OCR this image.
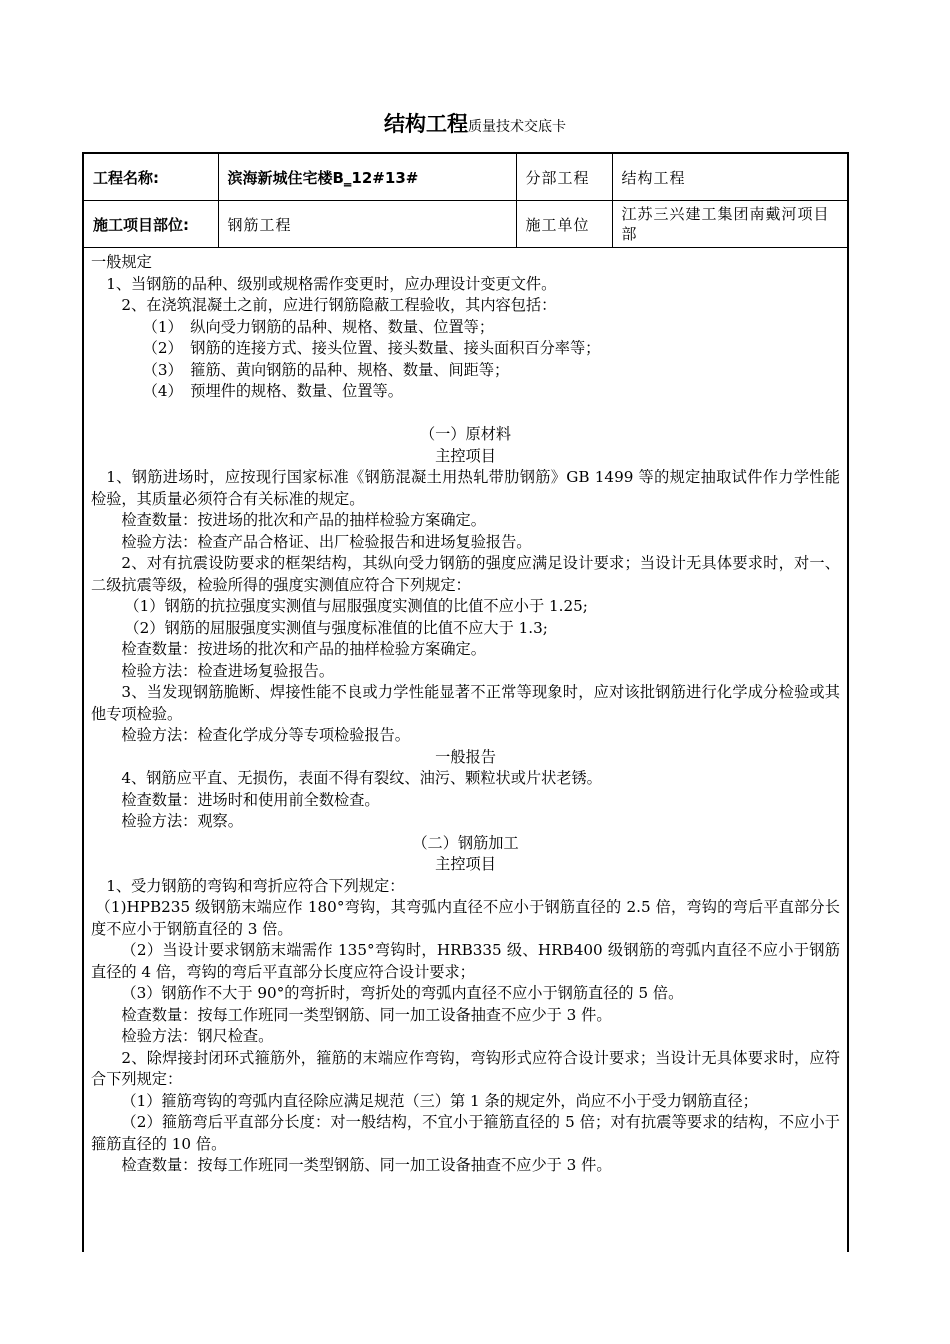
结构工程质量技术交底卡
工程名称:	滨海新城住宅楼B‗12#13#	分部工程	结构工程
施工项目部位:	钢筋工程	施工单位	江苏三兴建工集团南戴河项目部

一般规定

1、当钢筋的品种、级别或规格需作变更时，应办理设计变更文件。

2、在浇筑混凝土之前，应进行钢筋隐蔽工程验收，其内容包括：

（1）　纵向受力钢筋的品种、规格、数量、位置等；

（2）　钢筋的连接方式、接头位置、接头数量、接头面积百分率等；

（3）　箍筋、黄向钢筋的品种、规格、数量、间距等；

（4）　预埋件的规格、数量、位置等。

（一）原材料

主控项目

1、钢筋进场时，应按现行国家标准《钢筋混凝土用热轧带肋钢筋》GB 1499 等的规定抽取试件作力学性能检验，其质量必须符合有关标准的规定。

检查数量：按进场的批次和产品的抽样检验方案确定。

检验方法：检查产品合格证、出厂检验报告和进场复验报告。

2、对有抗震设防要求的框架结构，其纵向受力钢筋的强度应满足设计要求；当设计无具体要求时，对一、二级抗震等级，检验所得的强度实测值应符合下列规定：

（1）钢筋的抗拉强度实测值与屈服强度实测值的比值不应小于 1.25;

（2）钢筋的屈服强度实测值与强度标准值的比值不应大于 1.3;

检查数量：按进场的批次和产品的抽样检验方案确定。

检验方法：检查进场复验报告。

3、当发现钢筋脆断、焊接性能不良或力学性能显著不正常等现象时，应对该批钢筋进行化学成分检验或其他专项检验。

检验方法：检查化学成分等专项检验报告。

一般报告

4、钢筋应平直、无损伤，表面不得有裂纹、油污、颗粒状或片状老锈。

检查数量：进场时和使用前全数检查。

检验方法：观察。

（二）钢筋加工

主控项目

1、受力钢筋的弯钩和弯折应符合下列规定：

（1)HPB235 级钢筋末端应作 180°弯钩，其弯弧内直径不应小于钢筋直径的 2.5 倍，弯钩的弯后平直部分长度不应小于钢筋直径的 3 倍。

（2）当设计要求钢筋末端需作 135°弯钩时，HRB335 级、HRB400 级钢筋的弯弧内直径不应小于钢筋直径的 4 倍，弯钩的弯后平直部分长度应符合设计要求；

（3）钢筋作不大于 90°的弯折时，弯折处的弯弧内直径不应小于钢筋直径的 5 倍。

检查数量：按每工作班同一类型钢筋、同一加工设备抽查不应少于 3 件。

检验方法：钢尺检查。

2、除焊接封闭环式箍筋外，箍筋的末端应作弯钩，弯钩形式应符合设计要求；当设计无具体要求时，应符合下列规定：

（1）箍筋弯钩的弯弧内直径除应满足规范（三）第 1 条的规定外，尚应不小于受力钢筋直径；

（2）箍筋弯后平直部分长度：对一般结构，不宜小于箍筋直径的 5 倍；对有抗震等要求的结构，不应小于箍筋直径的 10 倍。

检查数量：按每工作班同一类型钢筋、同一加工设备抽查不应少于 3 件。
